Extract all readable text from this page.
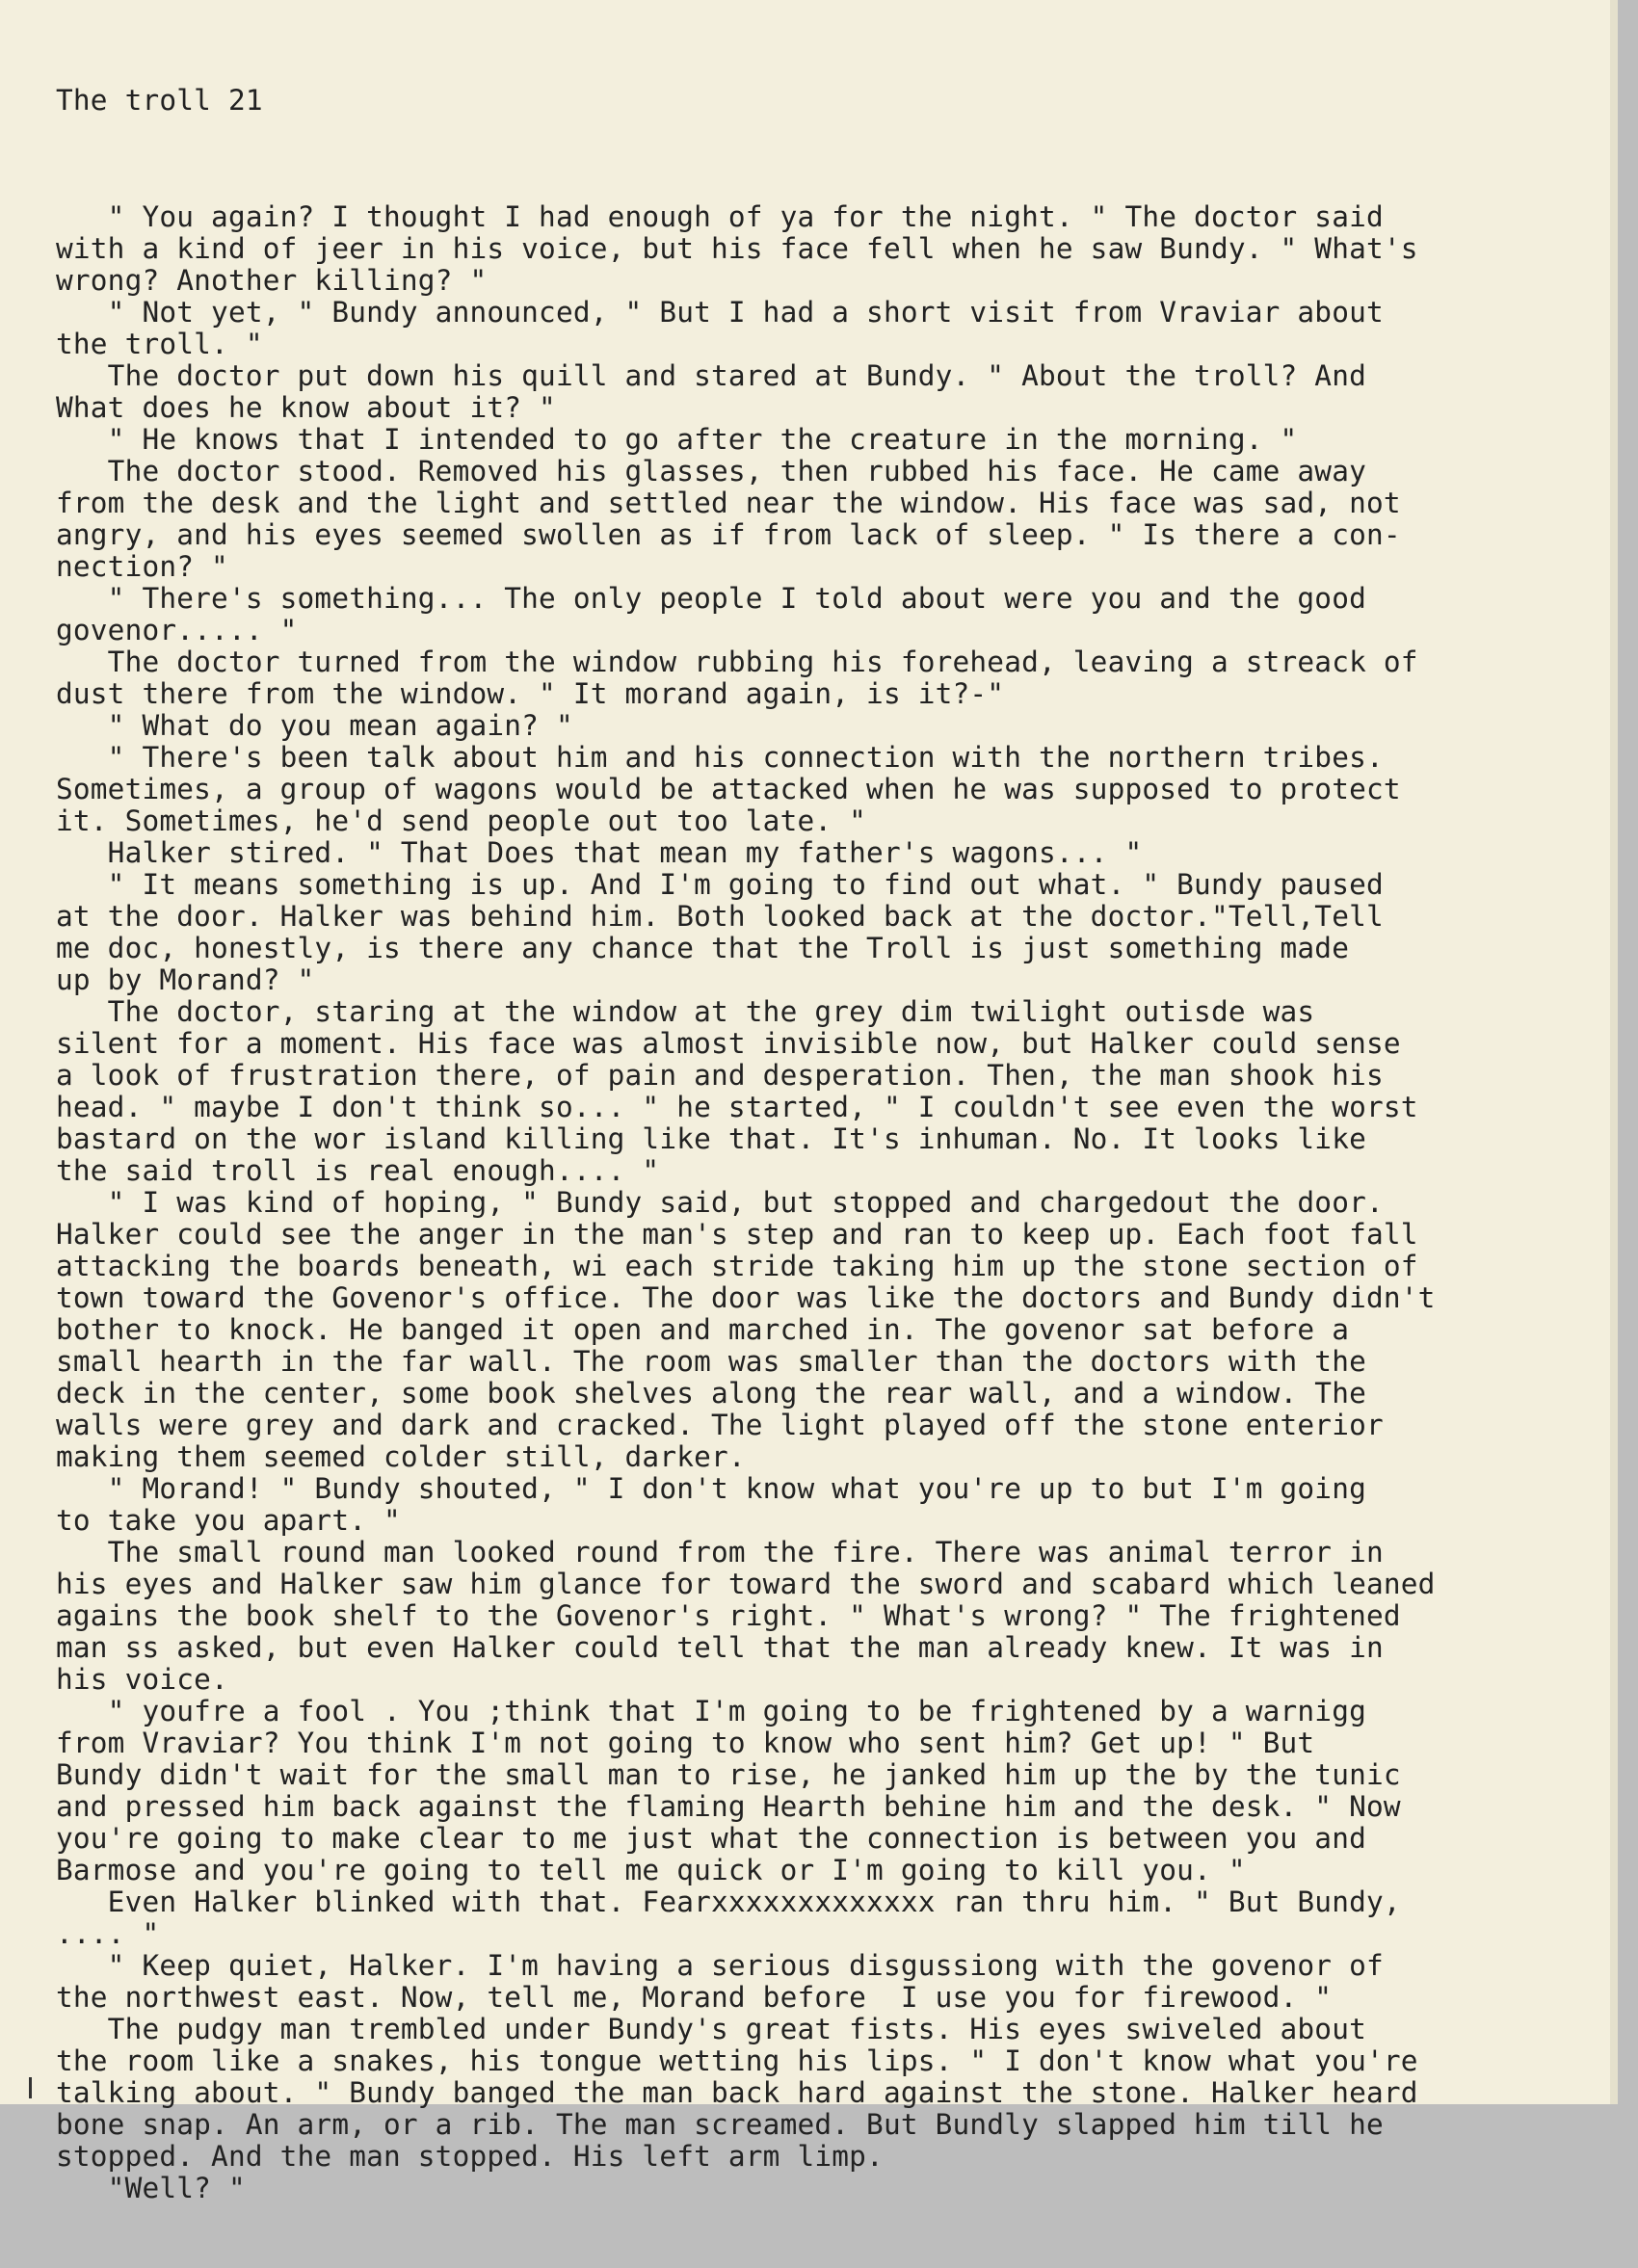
The troll 21

" You again? I thought I had enough of ya for the night. " The doctor said
with a kind of jeer in his voice, but his face fell when he saw Bundy. " What's
wrong? Another killing? "
" Not yet, " Bundy announced, " But I had a short visit from Vraviar about
the troll. "
The doctor put down his quill and stared at Bundy. " About the troll? And
What does he know about it? "
" He knows that I intended to go after the creature in the morning. "
The doctor stood. Removed his glasses, then rubbed his face. He came away
from the desk and the light and settled near the window. His face was sad, not
angry, and his eyes seemed swollen as if from lack of sleep. " Is there a con-
nection? "
" There's something... The only people I told about were you and the good
govenor..... "
The doctor turned from the window rubbing his forehead, leaving a streack of
dust there from the window. " It morand again, is it?-"
" What do you mean again? "
" There's been talk about him and his connection with the northern tribes.
Sometimes, a group of wagons would be attacked when he was supposed to protect
it. Sometimes, he'd send people out too late. "
Halker stired. " That Does that mean my father's wagons... "
" It means something is up. And I'm going to find out what. " Bundy paused
at the door. Halker was behind him. Both looked back at the doctor."Tell,Tell
me doc, honestly, is there any chance that the Troll is just something made
up by Morand? "
The doctor, staring at the window at the grey dim twilight outisde was
silent for a moment. His face was almost invisible now, but Halker could sense
a look of frustration there, of pain and desperation. Then, the man shook his
head. " maybe I don't think so... " he started, " I couldn't see even the worst
bastard on the wor island killing like that. It's inhuman. No. It looks like
the said troll is real enough.... "
" I was kind of hoping, " Bundy said, but stopped and chargedout the door.
Halker could see the anger in the man's step and ran to keep up. Each foot fall
attacking the boards beneath, wi each stride taking him up the stone section of
town toward the Govenor's office. The door was like the doctors and Bundy didn't
bother to knock. He banged it open and marched in. The govenor sat before a
small hearth in the far wall. The room was smaller than the doctors with the
deck in the center, some book shelves along the rear wall, and a window. The
walls were grey and dark and cracked. The light played off the stone enterior
making them seemed colder still, darker.
" Morand! " Bundy shouted, " I don't know what you're up to but I'm going
to take you apart. "
The small round man looked round from the fire. There was animal terror in
his eyes and Halker saw him glance for toward the sword and scabard which leaned
agains the book shelf to the Govenor's right. " What's wrong? " The frightened
man ss asked, but even Halker could tell that the man already knew. It was in
his voice.
" youfre a fool . You ;think that I'm going to be frightened by a warnigg
from Vraviar? You think I'm not going to know who sent him? Get up! " But
Bundy didn't wait for the small man to rise, he janked him up the by the tunic
and pressed him back against the flaming Hearth behine him and the desk. " Now
you're going to make clear to me just what the connection is between you and
Barmose and you're going to tell me quick or I'm going to kill you. "
Even Halker blinked with that. Fearxxxxxxxxxxxxx ran thru him. " But Bundy,
.... "
" Keep quiet, Halker. I'm having a serious disgussiong with the govenor of
the northwest east. Now, tell me, Morand before  I use you for firewood. "
The pudgy man trembled under Bundy's great fists. His eyes swiveled about
the room like a snakes, his tongue wetting his lips. " I don't know what you're
talking about. " Bundy banged the man back hard against the stone. Halker heard
bone snap. An arm, or a rib. The man screamed. But Bundly slapped him till he
stopped. And the man stopped. His left arm limp.
"Well? "
